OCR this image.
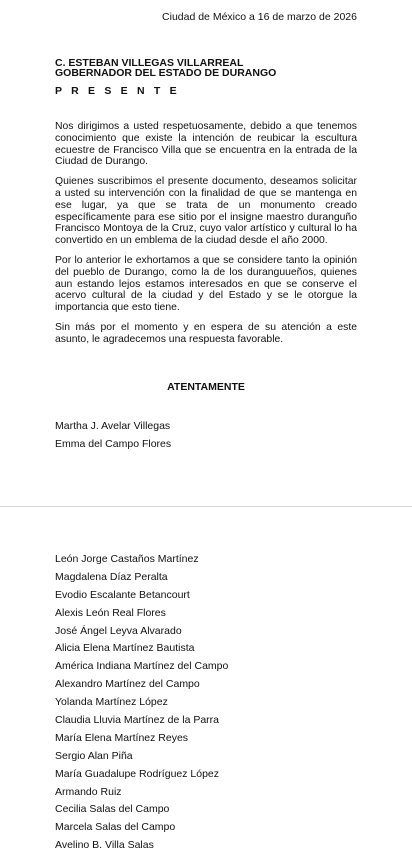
Ciudad de México a 16 de marzo de 2026
C. ESTEBAN VILLEGAS VILLARREAL
GOBERNADOR DEL ESTADO DE DURANGO
P R E S E N T E

Nos dirigimos a usted respetuosamente, debido a que tenemos conocimiento que existe la intención de reubicar la escultura ecuestre de Francisco Villa que se encuentra en la entrada de la Ciudad de Durango.

Quienes suscribimos el presente documento, deseamos solicitar a usted su intervención con la finalidad de que se mantenga en ese lugar, ya que se trata de un monumento creado específicamente para ese sitio por el insigne maestro duranguño Francisco Montoya de la Cruz, cuyo valor artístico y cultural lo ha convertido en un emblema de la ciudad desde el año 2000.

Por lo anterior le exhortamos a que se considere tanto la opinión del pueblo de Durango, como la de los duranguueños, quienes aun estando lejos estamos interesados en que se conserve el acervo cultural de la ciudad y del Estado y se le otorgue la importancia que esto tiene.

Sin más por el momento y en espera de su atención a este asunto, le agradecemos una respuesta favorable.

ATENTAMENTE
Martha J. Avelar Villegas
Emma del Campo Flores
León Jorge Castaños Martínez
Magdalena Díaz Peralta
Evodio Escalante Betancourt
Alexis León Real Flores
José Ángel Leyva Alvarado
Alicia Elena Martínez Bautista
América Indiana Martínez del Campo
Alexandro Martínez del Campo
Yolanda Martínez López
Claudia Lluvia Martínez de la Parra
María Elena Martínez Reyes
Sergio Alan Piña
María Guadalupe Rodríguez López
Armando Ruiz
Cecilia Salas del Campo
Marcela Salas del Campo
Avelino B. Villa Salas
